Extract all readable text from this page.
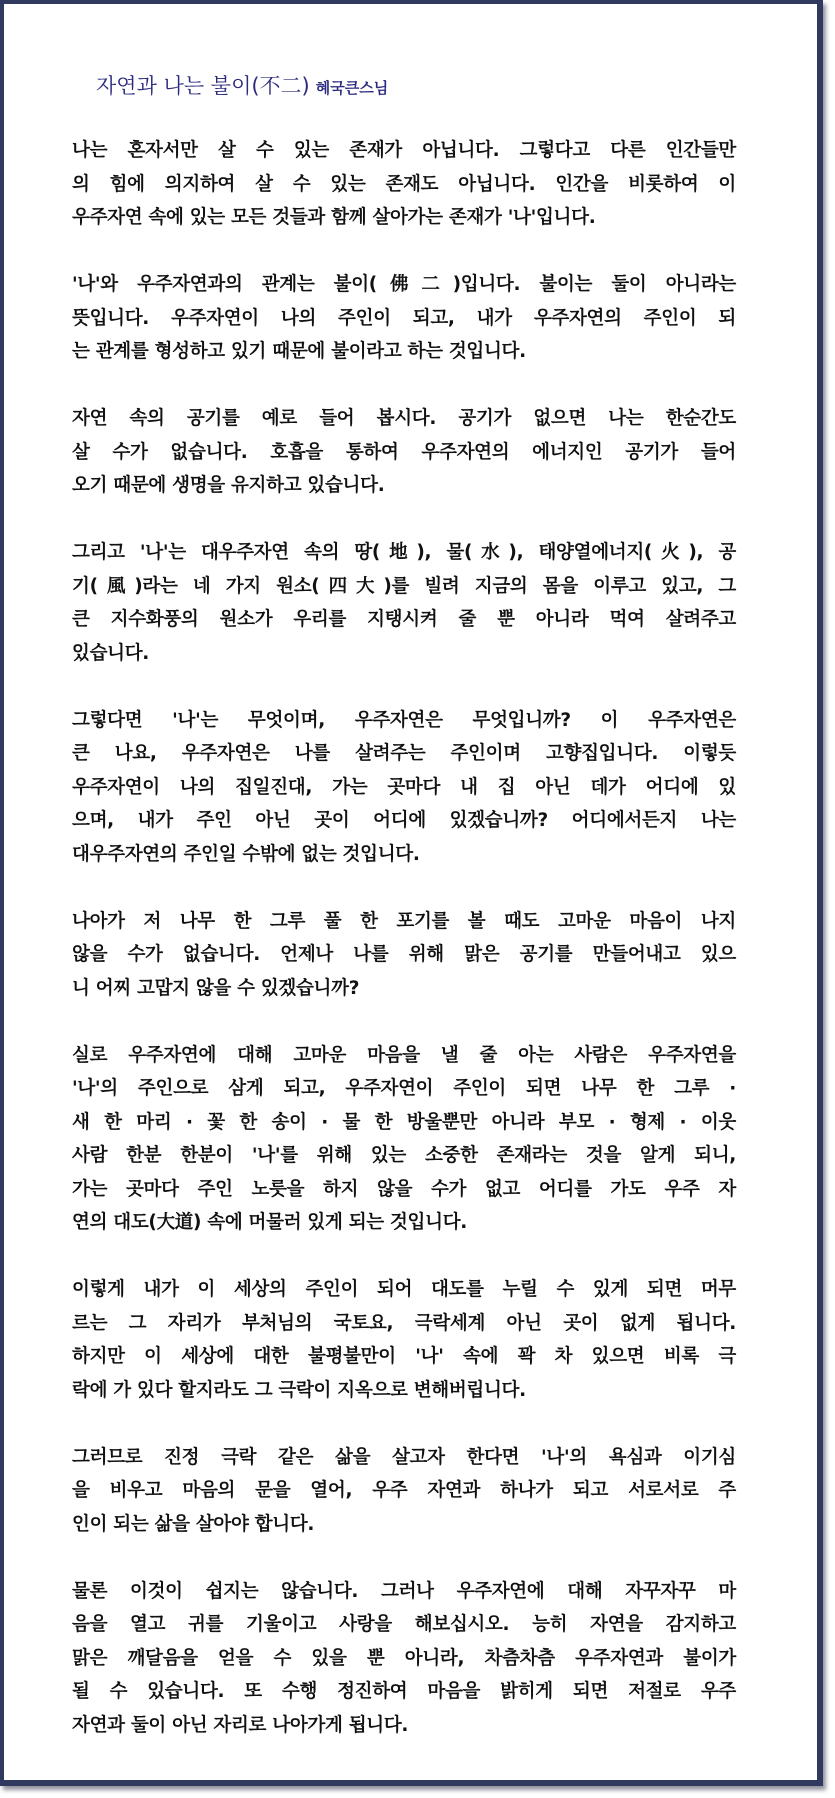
자연과 나는 불이(不二) 혜국큰스님
나는 혼자서만 살 수 있는 존재가 아닙니다. 그렇다고 다른 인간들만
의 힘에 의지하여 살 수 있는 존재도 아닙니다. 인간을 비롯하여 이
우주자연 속에 있는 모든 것들과 함께 살아가는 존재가 '나'입니다.
'나'와 우주자연과의 관계는 불이(佛二)입니다. 불이는 둘이 아니라는
뜻입니다. 우주자연이 나의 주인이 되고, 내가 우주자연의 주인이 되
는 관계를 형성하고 있기 때문에 불이라고 하는 것입니다.
자연 속의 공기를 예로 들어 봅시다. 공기가 없으면 나는 한순간도
살 수가 없습니다. 호흡을 통하여 우주자연의 에너지인 공기가 들어
오기 때문에 생명을 유지하고 있습니다.
그리고 '나'는 대우주자연 속의 땅(地), 물(水), 태양열에너지(火), 공
기(風)라는 네 가지 원소(四大)를 빌려 지금의 몸을 이루고 있고, 그
큰 지수화풍의 원소가 우리를 지탱시켜 줄 뿐 아니라 먹여 살려주고
있습니다.
그렇다면 '나'는 무엇이며, 우주자연은 무엇입니까? 이 우주자연은
큰 나요, 우주자연은 나를 살려주는 주인이며 고향집입니다. 이렇듯
우주자연이 나의 집일진대, 가는 곳마다 내 집 아닌 데가 어디에 있
으며, 내가 주인 아닌 곳이 어디에 있겠습니까? 어디에서든지 나는
대우주자연의 주인일 수밖에 없는 것입니다.
나아가 저 나무 한 그루 풀 한 포기를 볼 때도 고마운 마음이 나지
않을 수가 없습니다. 언제나 나를 위해 맑은 공기를 만들어내고 있으
니 어찌 고맙지 않을 수 있겠습니까?
실로 우주자연에 대해 고마운 마음을 낼 줄 아는 사람은 우주자연을
'나'의 주인으로 삼게 되고, 우주자연이 주인이 되면 나무 한 그루 ·
새 한 마리 · 꽃 한 송이 · 물 한 방울뿐만 아니라 부모 · 형제 · 이웃
사람 한분 한분이 '나'를 위해 있는 소중한 존재라는 것을 알게 되니,
가는 곳마다 주인 노릇을 하지 않을 수가 없고 어디를 가도 우주 자
연의 대도(大道) 속에 머물러 있게 되는 것입니다.
이렇게 내가 이 세상의 주인이 되어 대도를 누릴 수 있게 되면 머무
르는 그 자리가 부처님의 국토요, 극락세계 아닌 곳이 없게 됩니다.
하지만 이 세상에 대한 불평불만이 '나' 속에 꽉 차 있으면 비록 극
락에 가 있다 할지라도 그 극락이 지옥으로 변해버립니다.
그러므로 진정 극락 같은 삶을 살고자 한다면 '나'의 욕심과 이기심
을 비우고 마음의 문을 열어, 우주 자연과 하나가 되고 서로서로 주
인이 되는 삶을 살아야 합니다.
물론 이것이 쉽지는 않습니다. 그러나 우주자연에 대해 자꾸자꾸 마
음을 열고 귀를 기울이고 사랑을 해보십시오. 능히 자연을 감지하고
맑은 깨달음을 얻을 수 있을 뿐 아니라, 차츰차츰 우주자연과 불이가
될 수 있습니다. 또 수행 정진하여 마음을 밝히게 되면 저절로 우주
자연과 둘이 아닌 자리로 나아가게 됩니다.
